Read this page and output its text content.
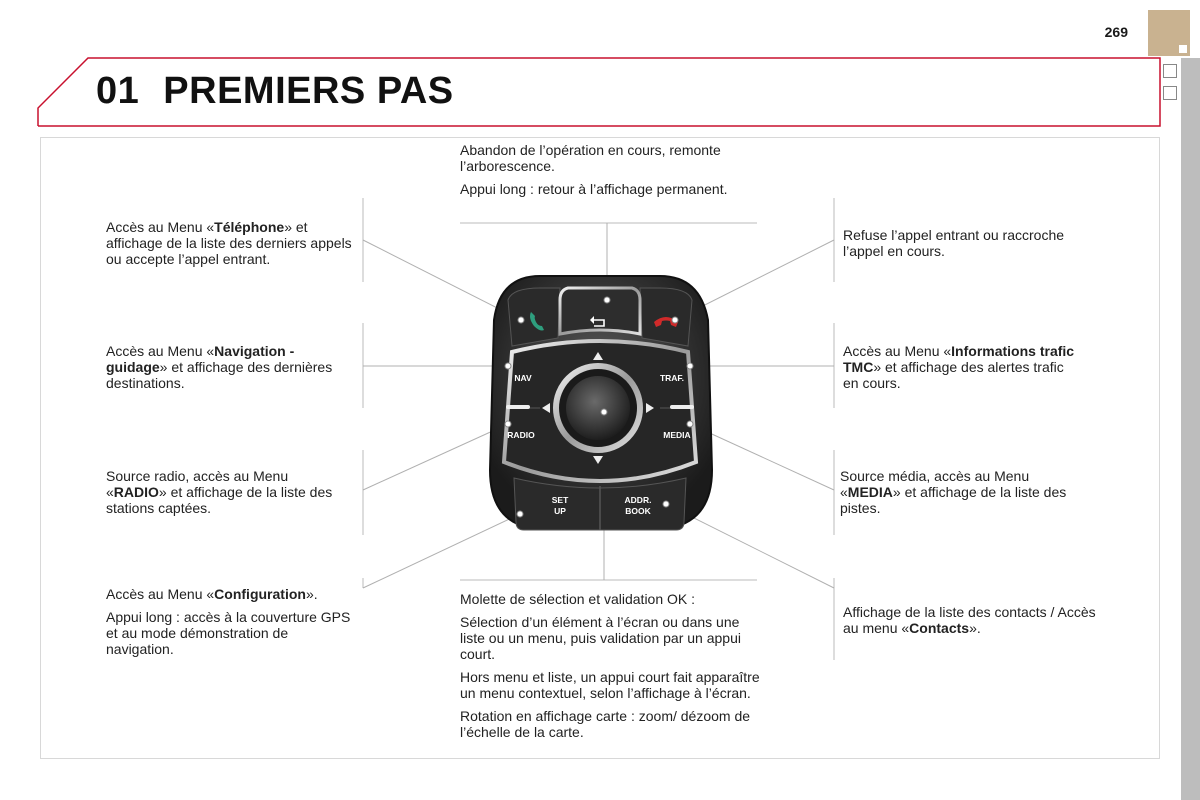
269
01 PREMIERS PAS
NAV	TRAF.
RADIO	MEDIA
SET
UP
ADDR.
BOOK

Abandon de l’opération en cours, remonte l’arborescence.

Appui long : retour à l’affichage permanent.

Accès au Menu «Téléphone» et affichage de la liste des derniers appels ou accepte l’appel entrant.

Refuse l’appel entrant ou raccroche l’appel en cours.

Accès au Menu «Navigation - guidage» et affichage des dernières destinations.

Accès au Menu «Informations trafic TMC» et affichage des alertes trafic en cours.

Source radio, accès au Menu «RADIO» et affichage de la liste des stations captées.

Source média, accès au Menu «MEDIA» et affichage de la liste des pistes.

Accès au Menu «Configuration».

Appui long : accès à la couverture GPS et au mode démonstration de navigation.

Molette de sélection et validation OK :

Sélection d’un élément à l’écran ou dans une liste ou un menu, puis validation par un appui court.

Hors menu et liste, un appui court fait apparaître un menu contextuel, selon l’affichage à l’écran.

Rotation en affichage carte : zoom/ dézoom de l’échelle de la carte.

Affichage de la liste des contacts / Accès au menu «Contacts».
